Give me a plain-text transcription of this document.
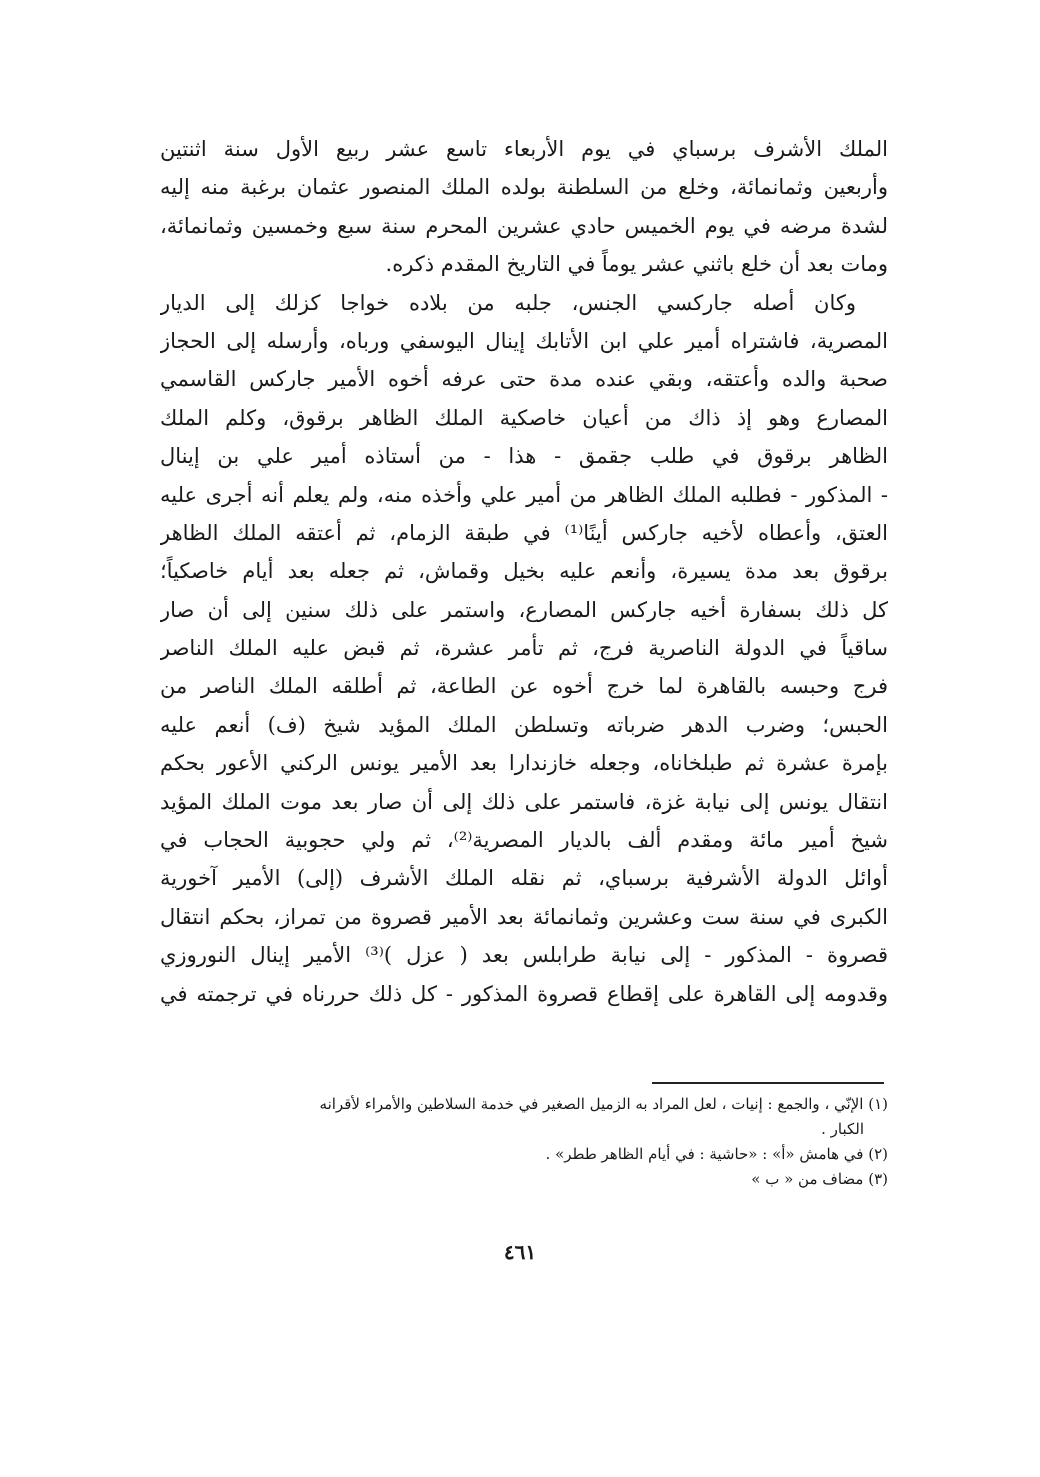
الملك الأشرف برسباي في يوم الأربعاء تاسع عشر ربيع الأول سنة اثنتين
وأربعين وثمانمائة، وخلع من السلطنة بولده الملك المنصور عثمان برغبة منه إليه
لشدة مرضه في يوم الخميس حادي عشرين المحرم سنة سبع وخمسين وثمانمائة،
ومات بعد أن خلع باثني عشر يوماً في التاريخ المقدم ذكره.
وكان أصله جاركسي الجنس، جلبه من بلاده خواجا كزلك إلى الديار
المصرية، فاشتراه أمير علي ابن الأتابك إينال اليوسفي ورباه، وأرسله إلى الحجاز
صحبة والده وأعتقه، وبقي عنده مدة حتى عرفه أخوه الأمير جاركس القاسمي
المصارع وهو إذ ذاك من أعيان خاصكية الملك الظاهر برقوق، وكلم الملك
الظاهر برقوق في طلب جقمق - هذا - من أستاذه أمير علي بن إينال
- المذكور - فطلبه الملك الظاهر من أمير علي وأخذه منه، ولم يعلم أنه أجرى عليه
العتق، وأعطاه لأخيه جاركس أينًا⁽¹⁾ في طبقة الزمام، ثم أعتقه الملك الظاهر
برقوق بعد مدة يسيرة، وأنعم عليه بخيل وقماش، ثم جعله بعد أيام خاصكياً؛
كل ذلك بسفارة أخيه جاركس المصارع، واستمر على ذلك سنين إلى أن صار
ساقياً في الدولة الناصرية فرج، ثم تأمر عشرة، ثم قبض عليه الملك الناصر
فرج وحبسه بالقاهرة لما خرج أخوه عن الطاعة، ثم أطلقه الملك الناصر من
الحبس؛ وضرب الدهر ضرباته وتسلطن الملك المؤيد شيخ (ف) أنعم عليه
بإمرة عشرة ثم طبلخاناه، وجعله خازندارا بعد الأمير يونس الركني الأعور بحكم
انتقال يونس إلى نيابة غزة، فاستمر على ذلك إلى أن صار بعد موت الملك المؤيد
شيخ أمير مائة ومقدم ألف بالديار المصرية⁽²⁾، ثم ولي حجوبية الحجاب في
أوائل الدولة الأشرفية برسباي، ثم نقله الملك الأشرف (إلى) الأمير آخورية
الكبرى في سنة ست وعشرين وثمانمائة بعد الأمير قصروة من تمراز، بحكم انتقال
قصروة - المذكور - إلى نيابة طرابلس بعد ( عزل )⁽³⁾ الأمير إينال النوروزي
وقدومه إلى القاهرة على إقطاع قصروة المذكور - كل ذلك حررناه في ترجمته في
(١) الإنّي ، والجمع : إنيات ، لعل المراد به الزميل الصغير في خدمة السلاطين والأمراء لأقرانه
الكبار .
(٢) في هامش «أ» : «حاشية : في أيام الظاهر ططر» .
(٣) مضاف من « ب »
٤٦١
